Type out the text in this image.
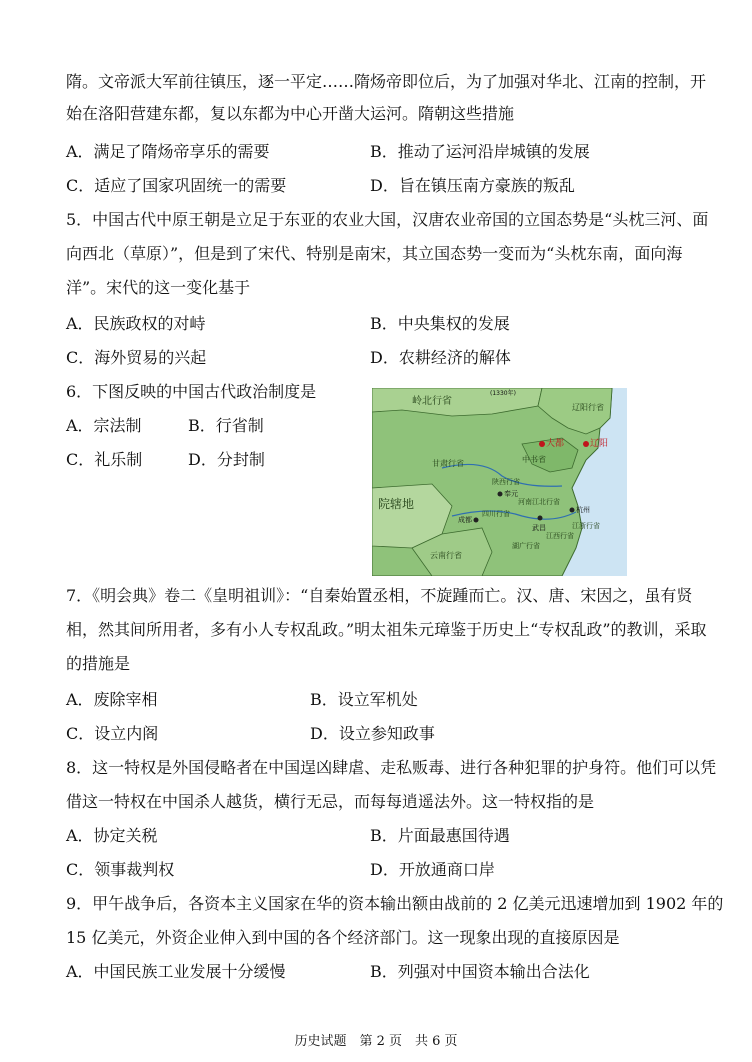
隋。文帝派大军前往镇压，逐一平定……隋炀帝即位后，为了加强对华北、江南的控制，开
始在洛阳营建东都，复以东都为中心开凿大运河。隋朝这些措施
A．满足了隋炀帝享乐的需要	B．推动了运河沿岸城镇的发展
C．适应了国家巩固统一的需要	D．旨在镇压南方豪族的叛乱
5．中国古代中原王朝是立足于东亚的农业大国，汉唐农业帝国的立国态势是“头枕三河、面
向西北（草原）”，但是到了宋代、特别是南宋，其立国态势一变而为“头枕东南，面向海
洋”。宋代的这一变化基于
A．民族政权的对峙	B．中央集权的发展
C．海外贸易的兴起	D．农耕经济的解体
6．下图反映的中国古代政治制度是
A．宗法制	B．行省制
C．礼乐制	D．分封制
(1330年)
岭北行省
辽阳行省
大都	辽阳
中书省
甘肃行省
陕西行省
奉元
河南江北行省
成都
四川行省
武昌
杭州
院辖地
湖广行省
江西行省
江浙行省
云南行省
7．《明会典》卷二《皇明祖训》：“自秦始置丞相，不旋踵而亡。汉、唐、宋因之，虽有贤
相，然其间所用者，多有小人专权乱政。”明太祖朱元璋鉴于历史上“专权乱政”的教训，采取
的措施是
A．废除宰相	B．设立军机处
C．设立内阁	D．设立参知政事
8．这一特权是外国侵略者在中国逞凶肆虐、走私贩毒、进行各种犯罪的护身符。他们可以凭
借这一特权在中国杀人越货，横行无忌，而每每逍遥法外。这一特权指的是
A．协定关税	B．片面最惠国待遇
C．领事裁判权	D．开放通商口岸
9．甲午战争后，各资本主义国家在华的资本输出额由战前的 2 亿美元迅速增加到 1902 年的
15 亿美元，外资企业伸入到中国的各个经济部门。这一现象出现的直接原因是
A．中国民族工业发展十分缓慢	B．列强对中国资本输出合法化
历史试题　第 2 页　共 6 页
